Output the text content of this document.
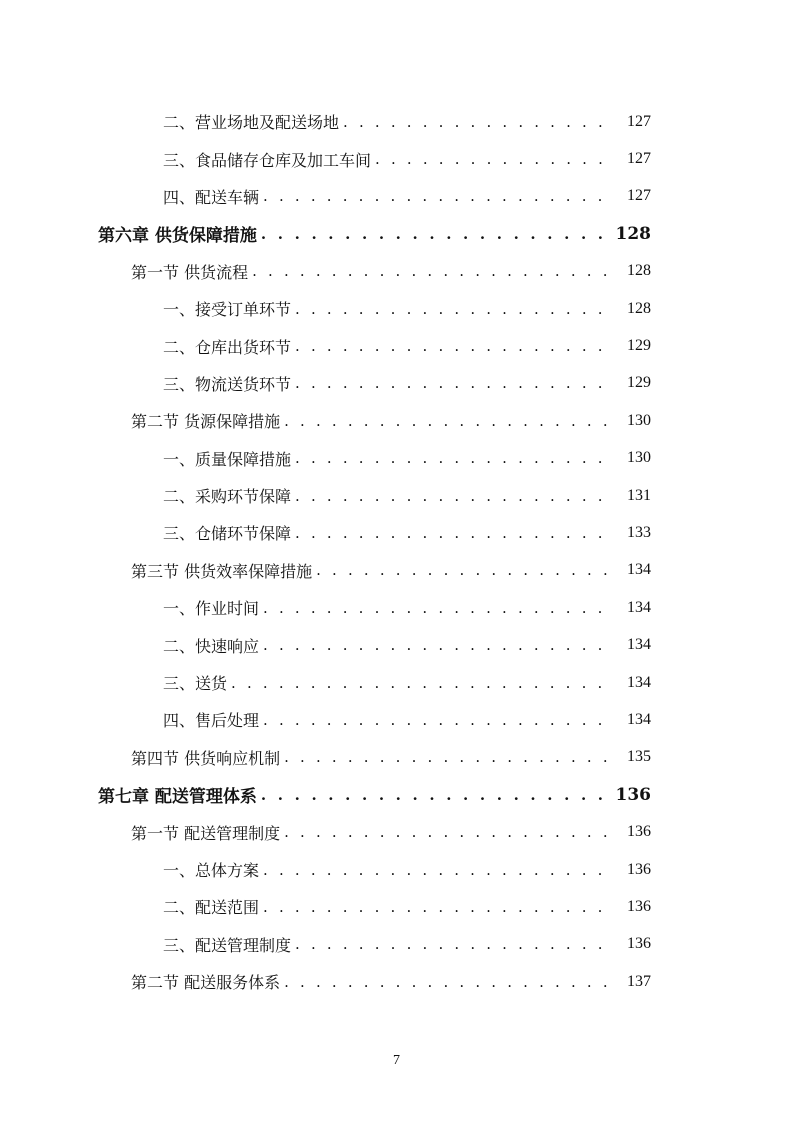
二、营业场地及配送场地 . . .	127
三、食品储存仓库及加工车间 . . .	127
四、配送车辆 . . .	127
第六章 供货保障措施 . . .	128
第一节 供货流程 . . .	128
一、接受订单环节 . . .	128
二、仓库出货环节 . . .	129
三、物流送货环节 . . .	129
第二节 货源保障措施 . . .	130
一、质量保障措施 . . .	130
二、采购环节保障 . . .	131
三、仓储环节保障 . . .	133
第三节 供货效率保障措施 . . .	134
一、作业时间 . . .	134
二、快速响应 . . .	134
三、送货 . . .	134
四、售后处理 . . .	134
第四节 供货响应机制 . . .	135
第七章 配送管理体系 . . .	136
第一节 配送管理制度 . . .	136
一、总体方案 . . .	136
二、配送范围 . . .	136
三、配送管理制度 . . .	136
第二节 配送服务体系 . . .	137
7
